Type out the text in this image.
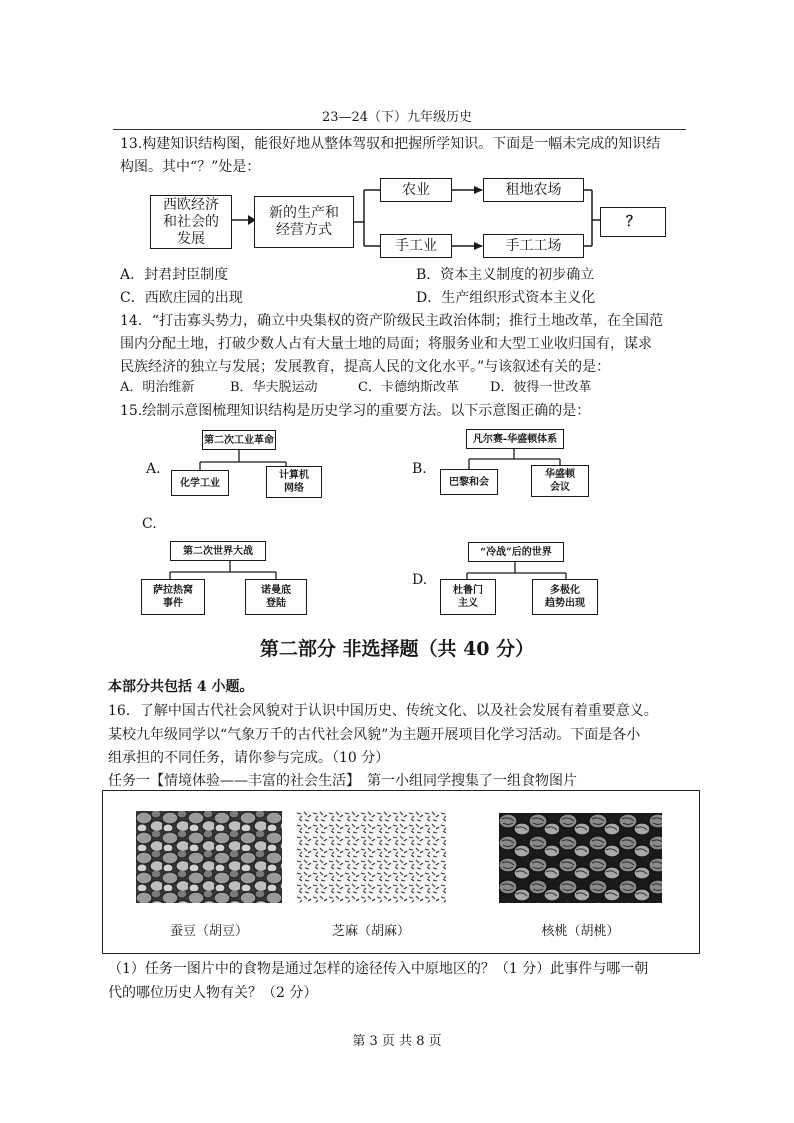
23—24（下）九年级历史
13.构建知识结构图，能很好地从整体驾驭和把握所学知识。下面是一幅未完成的知识结
构图。其中“？”处是：
西欧经济
和社会的
发展
新的生产和
经营方式
农业	租地农场
手工业	手工工场
？
A．封君封臣制度	B．资本主义制度的初步确立
C．西欧庄园的出现	D．生产组织形式资本主义化
14．“打击寡头势力，确立中央集权的资产阶级民主政治体制；推行土地改革，在全国范
围内分配土地，打破少数人占有大量土地的局面；将服务业和大型工业收归国有，谋求
民族经济的独立与发展；发展教育，提高人民的文化水平。”与该叙述有关的是：
A．明治维新	B．华夫脱运动	C．卡德纳斯改革 D．彼得一世改革
15.绘制示意图梳理知识结构是历史学习的重要方法。以下示意图正确的是：
A.
第二次工业革命
化学工业
计算机
网络
B.
凡尔赛-华盛顿体系
巴黎和会
华盛顿
会议
C.
第二次世界大战
萨拉热窝
事件
诺曼底
登陆
D.
“冷战”后的世界
杜鲁门
主义
多极化
趋势出现
第二部分 非选择题（共 40 分）
本部分共包括 4 小题。
16．了解中国古代社会风貌对于认识中国历史、传统文化、以及社会发展有着重要意义。
某校九年级同学以“气象万千的古代社会风貌”为主题开展项目化学习活动。下面是各小
组承担的不同任务，请你参与完成。（10 分）
任务一【情境体验——丰富的社会生活】　第一小组同学搜集了一组食物图片
蚕豆（胡豆）	芝麻（胡麻）	核桃（胡桃）
（1）任务一图片中的食物是通过怎样的途径传入中原地区的？（1 分）此事件与哪一朝
代的哪位历史人物有关？（2 分）
第 3 页 共 8 页
